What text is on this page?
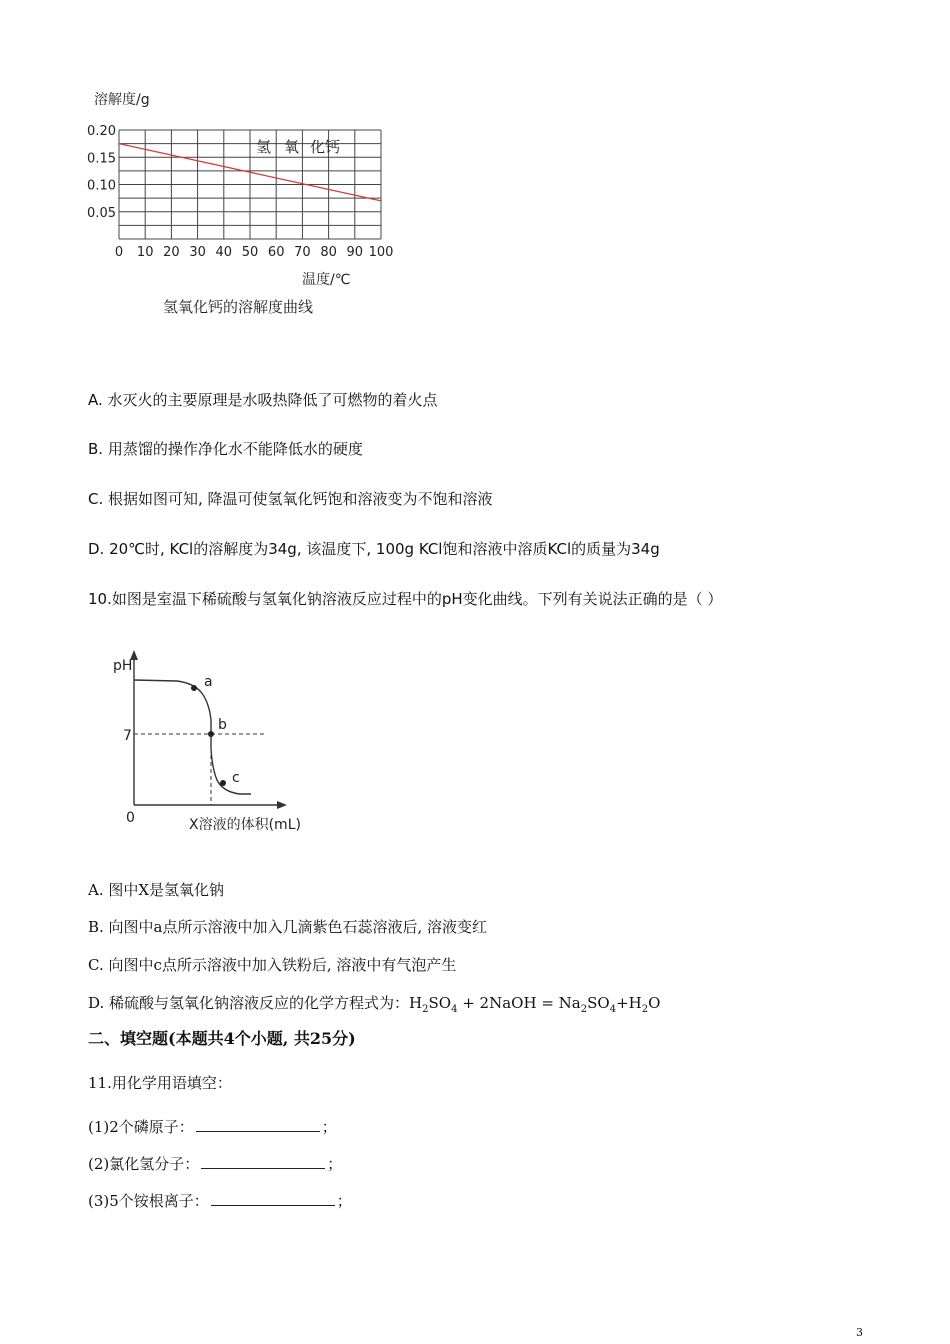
溶解度/g
0.20
0.15
0.10
0.05
0 10 20 30 40 50 60 70 80 90 100
氢 氧 化钙
温度/℃
氢氧化钙的溶解度曲线
A. 水灭火的主要原理是水吸热降低了可燃物的着火点
B. 用蒸馏的操作净化水不能降低水的硬度
C. 根据如图可知, 降温可使氢氧化钙饱和溶液变为不饱和溶液
D. 20℃时, KCl的溶解度为34g, 该温度下, 100g KCl饱和溶液中溶质KCl的质量为34g
10.如图是室温下稀硫酸与氢氧化钠溶液反应过程中的pH变化曲线。下列有关说法正确的是（ ）
pH
7
a
b
c
0	X溶液的体积(mL)
A. 图中X是氢氧化钠
B. 向图中a点所示溶液中加入几滴紫色石蕊溶液后, 溶液变红
C. 向图中c点所示溶液中加入铁粉后, 溶液中有气泡产生
D. 稀硫酸与氢氧化钠溶液反应的化学方程式为：$H_2SO_4$ + 2NaOH = $Na_2SO_4+H_2O$
二、填空题(本题共4个小题, 共25分)
11.用化学用语填空：
(1)2个磷原子：	；
(2)氯化氢分子：	；
(3)5个铵根离子：	；
3
